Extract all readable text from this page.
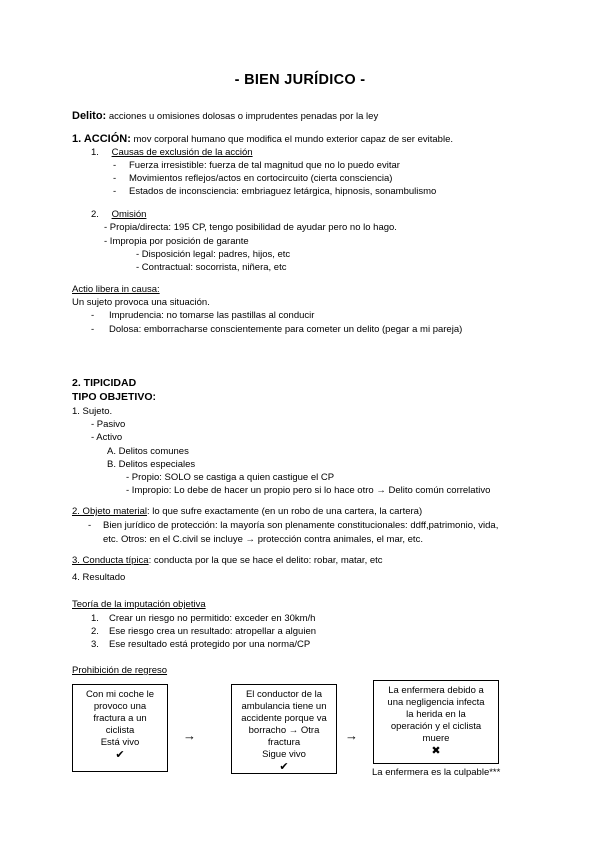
- BIEN JURÍDICO -
Delito: acciones u omisiones dolosas o imprudentes penadas por la ley
1. ACCIÓN: mov corporal humano que modifica el mundo exterior capaz de ser evitable.
1. Causas de exclusión de la acción
- Fuerza irresistible: fuerza de tal magnitud que no lo puedo evitar
- Movimientos reflejos/actos en cortocircuito (cierta consciencia)
- Estados de inconsciencia: embriaguez letárgica, hipnosis, sonambulismo
2. Omisión
- Propia/directa: 195 CP, tengo posibilidad de ayudar pero no lo hago.
- Impropia por posición de garante
- Disposición legal: padres, hijos, etc
- Contractual: socorrista, niñera, etc
Actio libera in causa:
Un sujeto provoca una situación.
- Imprudencia: no tomarse las pastillas al conducir
- Dolosa: emborracharse conscientemente para cometer un delito (pegar a mi pareja)
2. TIPICIDAD
TIPO OBJETIVO:
1. Sujeto.
- Pasivo
- Activo
A. Delitos comunes
B. Delitos especiales
- Propio: SOLO se castiga a quien castigue el CP
- Impropio: Lo debe de hacer un propio pero si lo hace otro → Delito común correlativo
2. Objeto material: lo que sufre exactamente (en un robo de una cartera, la cartera)
- Bien jurídico de protección: la mayoría son plenamente constitucionales: ddff,patrimonio, vida,
etc. Otros: en el C.civil se incluye → protección contra animales, el mar, etc.
3. Conducta típica: conducta por la que se hace el delito: robar, matar, etc
4. Resultado
Teoría de la imputación objetiva
1. Crear un riesgo no permitido: exceder en 30km/h
2. Ese riesgo crea un resultado: atropellar a alguien
3. Ese resultado está protegido por una norma/CP
Prohibición de regreso
Con mi coche le
provoco una
fractura a un
ciclista
Está vivo
✔
→
El conductor de la
ambulancia tiene un
accidente porque va
borracho → Otra
fractura
Sigue vivo
✔
→
La enfermera debido a
una negligencia infecta
la herida en la
operación y el ciclista
muere
✖
La enfermera es la culpable***
